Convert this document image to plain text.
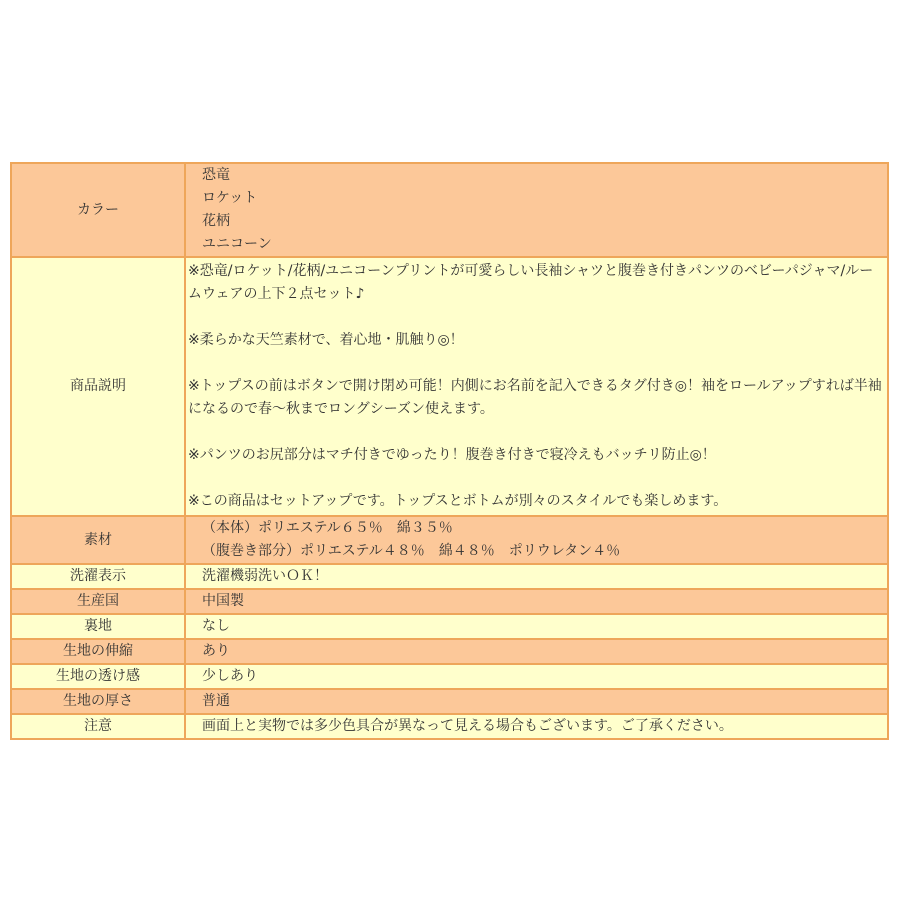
カラー	恐竜
ロケット
花柄
ユニコーン

商品説明	※恐竜/ロケット/花柄/ユニコーンプリントが可愛らしい長袖シャツと腹巻き付きパンツのベビーパジャマ/ルームウェアの上下２点セット♪
※柔らかな天竺素材で、着心地・肌触り◎！
※トップスの前はボタンで開け閉め可能！内側にお名前を記入できるタグ付き◎！袖をロールアップすれば半袖になるので春～秋までロングシーズン使えます。
※パンツのお尻部分はマチ付きでゆったり！腹巻き付きで寝冷えもバッチリ防止◎！
※この商品はセットアップです。トップスとボトムが別々のスタイルでも楽しめます。

素材	（本体）ポリエステル６５％　綿３５％
（腹巻き部分）ポリエステル４８％　綿４８％　ポリウレタン４％

洗濯表示	洗濯機弱洗いＯＫ！
生産国	中国製
裏地	なし
生地の伸縮	あり
生地の透け感	少しあり
生地の厚さ	普通
注意	画面上と実物では多少色具合が異なって見える場合もございます。ご了承ください。
